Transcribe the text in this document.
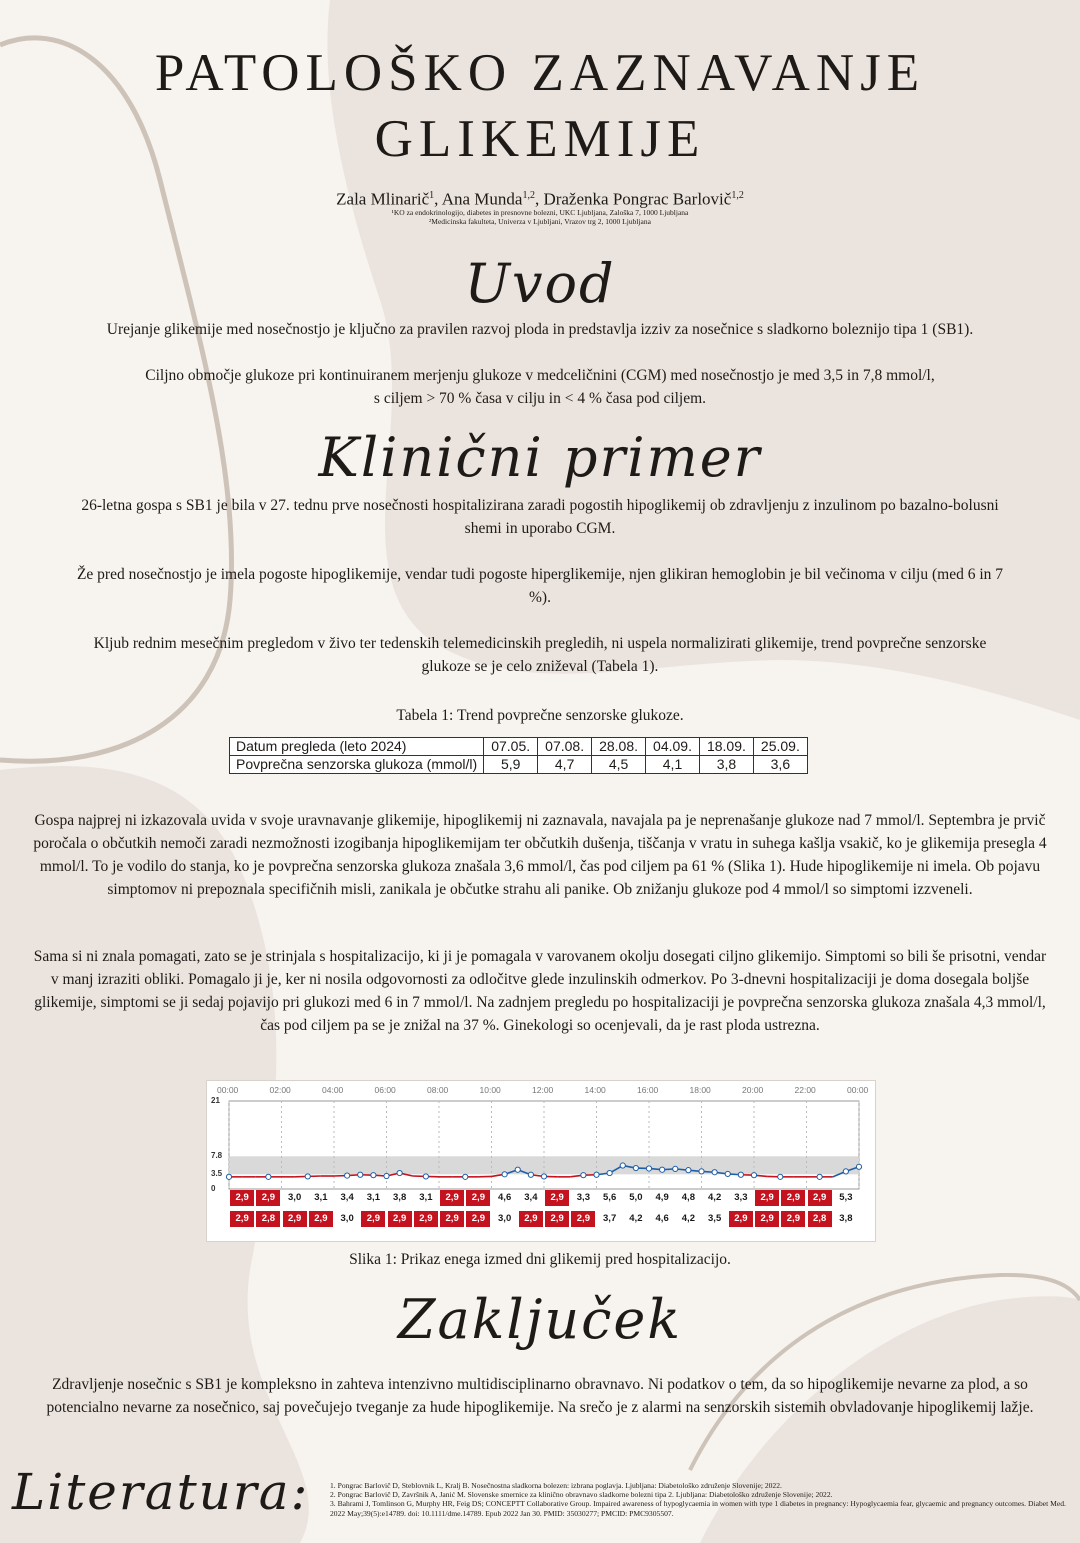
PATOLOŠKO ZAZNAVANJE
GLIKEMIJE
Zala Mlinarič$^1$, Ana Munda$^{1,2}$, Draženka Pongrac Barlovič$^{1,2}$
¹KO za endokrinologijo, diabetes in presnovne bolezni, UKC Ljubljana, Zaloška 7, 1000 Ljubljana
²Medicinska fakulteta, Univerza v Ljubljani, Vrazov trg 2, 1000 Ljubljana
Uvod

Urejanje glikemije med nosečnostjo je ključno za pravilen razvoj ploda in predstavlja izziv za nosečnice s sladkorno boleznijo tipa 1 (SB1).

Ciljno območje glukoze pri kontinuiranem merjenju glukoze v medceličnini (CGM) med nosečnostjo je med 3,5 in 7,8 mmol/l,
s ciljem > 70 % časa v cilju in < 4 % časa pod ciljem.
Klinični primer

26-letna gospa s SB1 je bila v 27. tednu prve nosečnosti hospitalizirana zaradi pogostih hipoglikemij ob zdravljenju z inzulinom po bazalno-bolusni shemi in uporabo CGM.

Že pred nosečnostjo je imela pogoste hipoglikemije, vendar tudi pogoste hiperglikemije, njen glikiran hemoglobin je bil večinoma v cilju (med 6 in 7 %).

Kljub rednim mesečnim pregledom v živo ter tedenskih telemedicinskih pregledih, ni uspela normalizirati glikemije, trend povprečne senzorske glukoze se je celo zniževal (Tabela 1).

Tabela 1: Trend povprečne senzorske glukoze.
Datum pregleda (leto 2024)	07.05.	07.08.	28.08.	04.09.	18.09.	25.09.
Povprečna senzorska glukoza (mmol/l)	5,9	4,7	4,5	4,1	3,8	3,6
Gospa najprej ni izkazovala uvida v svoje uravnavanje glikemije, hipoglikemij ni zaznavala, navajala pa je neprenašanje glukoze nad 7 mmol/l. Septembra je prvič poročala o občutkih nemoči zaradi nezmožnosti izogibanja hipoglikemijam ter občutkih dušenja, tiščanja v vratu in suhega kašlja vsakič, ko je glikemija presegla 4 mmol/l. To je vodilo do stanja, ko je povprečna senzorska glukoza znašala 3,6 mmol/l, čas pod ciljem pa 61 % (Slika 1). Hude hipoglikemije ni imela. Ob pojavu simptomov ni prepoznala specifičnih misli, zanikala je občutke strahu ali panike. Ob znižanju glukoze pod 4 mmol/l so simptomi izzveneli.
Sama si ni znala pomagati, zato se je strinjala s hospitalizacijo, ki ji je pomagala v varovanem okolju dosegati ciljno glikemijo. Simptomi so bili še prisotni, vendar v manj izraziti obliki. Pomagalo ji je, ker ni nosila odgovornosti za odločitve glede inzulinskih odmerkov. Po 3-dnevni hospitalizaciji je doma dosegala boljše glikemije, simptomi se ji sedaj pojavijo pri glukozi med 6 in 7 mmol/l. Na zadnjem pregledu po hospitalizaciji je povprečna senzorska glukoza znašala 4,3 mmol/l, čas pod ciljem pa se je znižal na 37 %. Ginekologi so ocenjevali, da je rast ploda ustrezna.
00:00	02:00	04:00	06:00	08:00	10:00	12:00	14:00	16:00	18:00	20:00	22:00	00:00
21
7.8
3.5
0
2,9	2,9	3,0	3,1	3,4	3,1	3,8	3,1	2,9	2,9	4,6	3,4	2,9	3,3	5,6	5,0	4,9	4,8	4,2	3,3	2,9	2,9	2,9	5,3
2,9	2,8	2,9	2,9	3,0	2,9	2,9	2,9	2,9	2,9	3,0	2,9	2,9	2,9	3,7	4,2	4,6	4,2	3,5	2,9	2,9	2,9	2,8	3,8
Slika 1: Prikaz enega izmed dni glikemij pred hospitalizacijo.
Zaključek
Zdravljenje nosečnic s SB1 je kompleksno in zahteva intenzivno multidisciplinarno obravnavo. Ni podatkov o tem, da so hipoglikemije nevarne za plod, a so potencialno nevarne za nosečnico, saj povečujejo tveganje za hude hipoglikemije. Na srečo je z alarmi na senzorskih sistemih obvladovanje hipoglikemij lažje.
Literatura:	1. Pongrac Barlovič D, Steblovnik L, Kralj B. Nosečnostna sladkorna bolezen: izbrana poglavja. Ljubljana: Diabetološko združenje Slovenije; 2022.
2. Pongrac Barlovič D, Završnik A, Janić M. Slovenske smernice za klinično obravnavo sladkorne bolezni tipa 2. Ljubljana: Diabetološko združenje Slovenije; 2022.
3. Bahrami J, Tomlinson G, Murphy HR, Feig DS; CONCEPTT Collaborative Group. Impaired awareness of hypoglycaemia in women with type 1 diabetes in pregnancy: Hypoglycaemia fear, glycaemic and pregnancy outcomes. Diabet Med. 2022 May;39(5):e14789. doi: 10.1111/dme.14789. Epub 2022 Jan 30. PMID: 35030277; PMCID: PMC9305507.
